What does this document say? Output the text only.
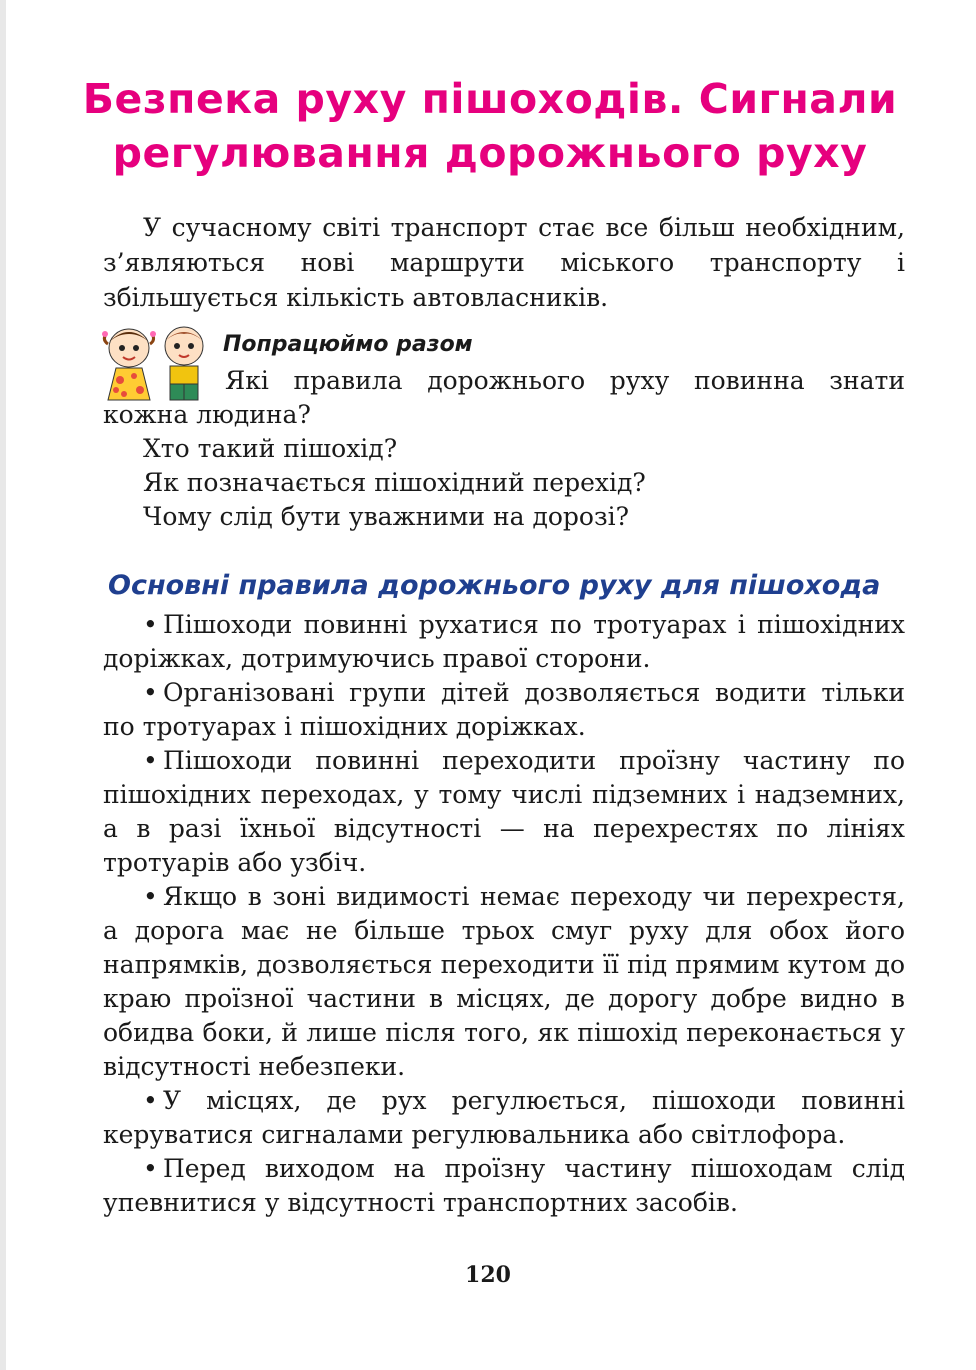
Безпека руху пішоходів. Сигнали регулювання дорожнього руху

У сучасному світі транспорт стає все більш необхідним, з’являються нові маршрути міського транспорту і збільшується кількість автовласників.

Попрацюймо разом

Які правила дорожнього руху повинна знати кожна людина?

Хто такий пішохід?
Як позначається пішохідний перехід?
Чому слід бути уважними на дорозі?
Основні правила дорожнього руху для пішохода

• Пішоходи повинні рухатися по тротуарах і пішохідних доріжках, дотримуючись правої сторони.

• Організовані групи дітей дозволяється водити тільки по тротуарах і пішохідних доріжках.

• Пішоходи повинні переходити проїзну частину по пішохідних переходах, у тому числі підземних і надземних, а в разі їхньої відсутності — на перехрестях по лініях тротуарів або узбіч.

• Якщо в зоні видимості немає переходу чи перехрестя, а дорога має не більше трьох смуг руху для обох його напрямків, дозволяється переходити її під прямим кутом до краю проїзної частини в місцях, де дорогу добре видно в обидва боки, й лише після того, як пішохід переконається у відсутності небезпеки.

• У місцях, де рух регулюється, пішоходи повинні керуватися сигналами регулювальника або світлофора.

• Перед виходом на проїзну частину пішоходам слід упевнитися у відсутності транспортних засобів.

120
